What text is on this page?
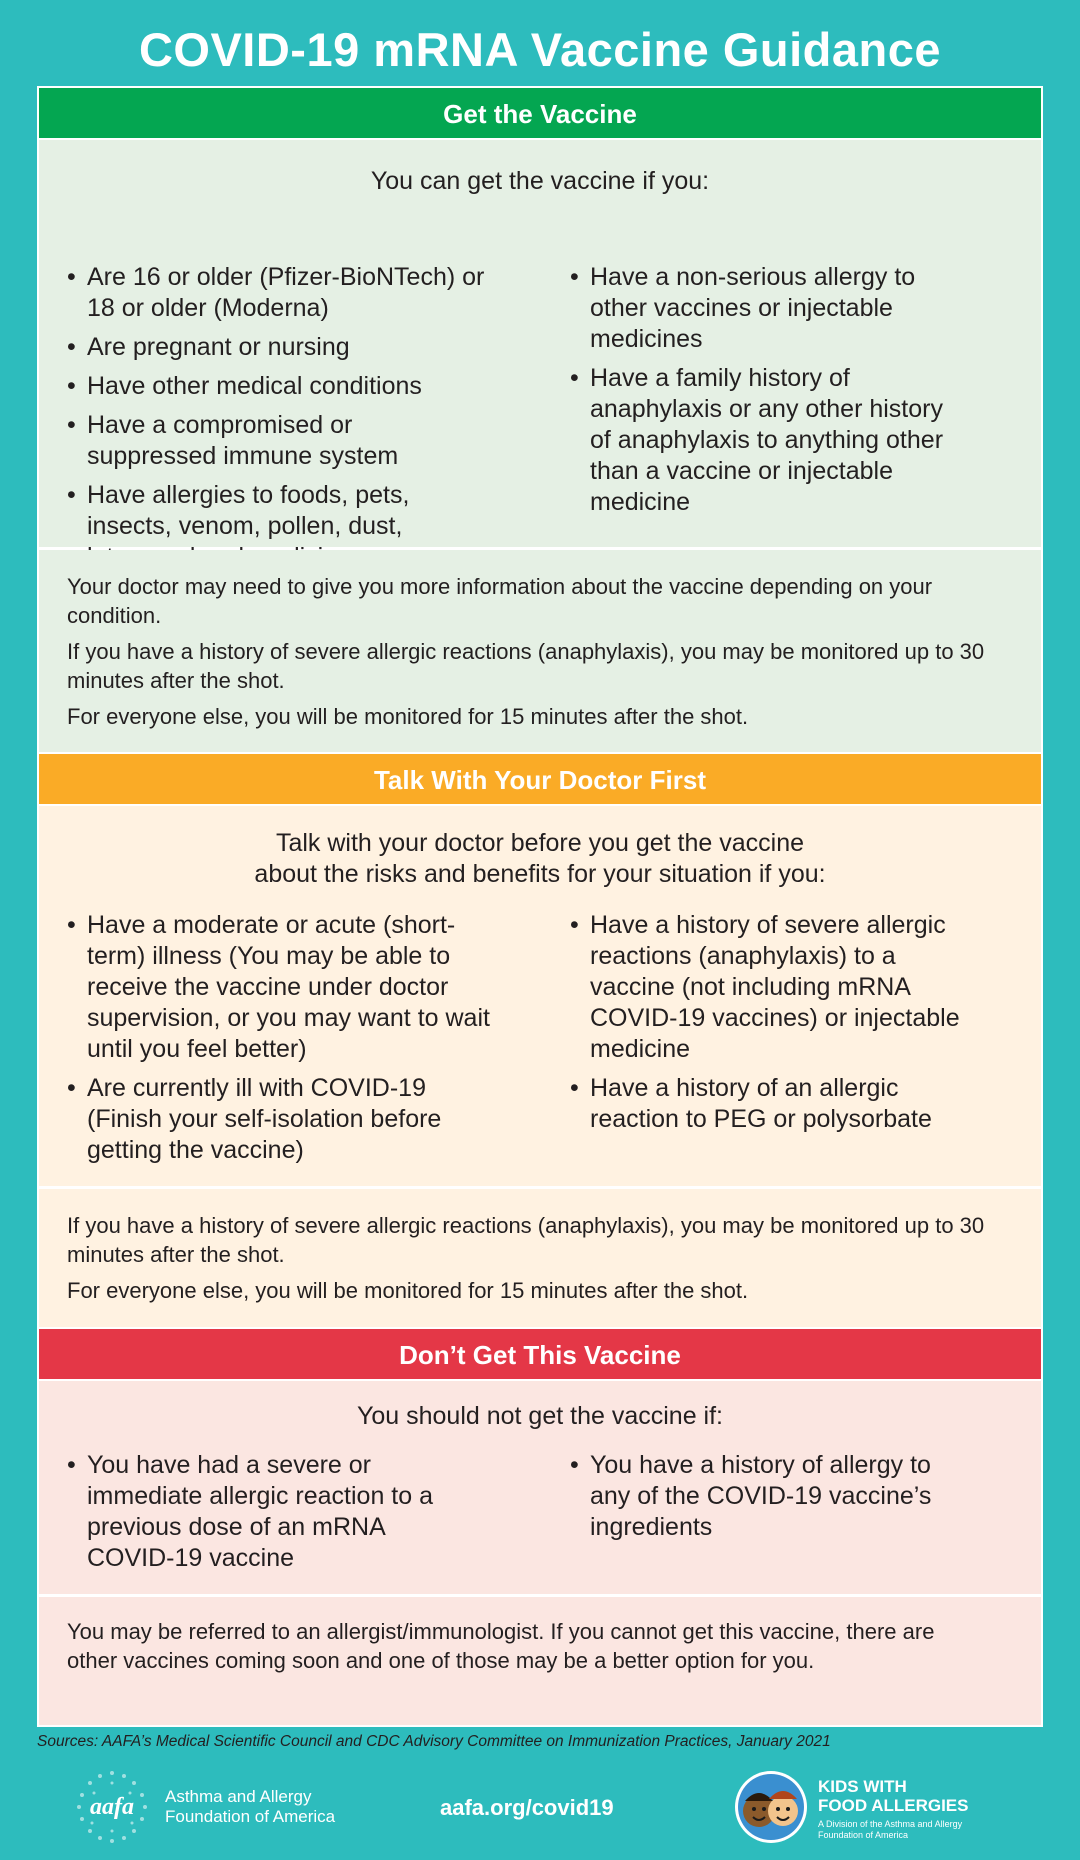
COVID-19 mRNA Vaccine Guidance
Get the Vaccine
You can get the vaccine if you:
• Are 16 or older (Pfizer-BioNTech) or 18 or older (Moderna)
• Are pregnant or nursing
• Have other medical conditions
• Have a compromised or suppressed immune system
• Have allergies to foods, pets, insects, venom, pollen, dust,
• Have a non-serious allergy to other vaccines or injectable medicines
• Have a family history of anaphylaxis or any other history of anaphylaxis to anything other than a vaccine or injectable medicine

Your doctor may need to give you more information about the vaccine depending on your condition.

If you have a history of severe allergic reactions (anaphylaxis), you may be monitored up to 30 minutes after the shot.

For everyone else, you will be monitored for 15 minutes after the shot.

Talk With Your Doctor First
Talk with your doctor before you get the vaccine
about the risks and benefits for your situation if you:
• Have a moderate or acute (short-term) illness (You may be able to receive the vaccine under doctor supervision, or you may want to wait until you feel better)
• Are currently ill with COVID-19 (Finish your self-isolation before getting the vaccine)
• Have a history of severe allergic reactions (anaphylaxis) to a vaccine (not including mRNA COVID-19 vaccines) or injectable medicine
• Have a history of an allergic reaction to PEG or polysorbate

If you have a history of severe allergic reactions (anaphylaxis), you may be monitored up to 30 minutes after the shot.

For everyone else, you will be monitored for 15 minutes after the shot.

Don’t Get This Vaccine
You should not get the vaccine if:
• You have had a severe or immediate allergic reaction to a previous dose of an mRNA COVID-19 vaccine
• You have a history of allergy to any of the COVID-19 vaccine’s ingredients

You may be referred to an allergist/immunologist. If you cannot get this vaccine, there are other vaccines coming soon and one of those may be a better option for you.

Sources: AAFA’s Medical Scientific Council and CDC Advisory Committee on Immunization Practices, January 2021
aafa Asthma and Allergy
Foundation of America	aafa.org/covid19
KIDS WITH
FOOD ALLERGIES
A Division of the Asthma and Allergy
Foundation of America
